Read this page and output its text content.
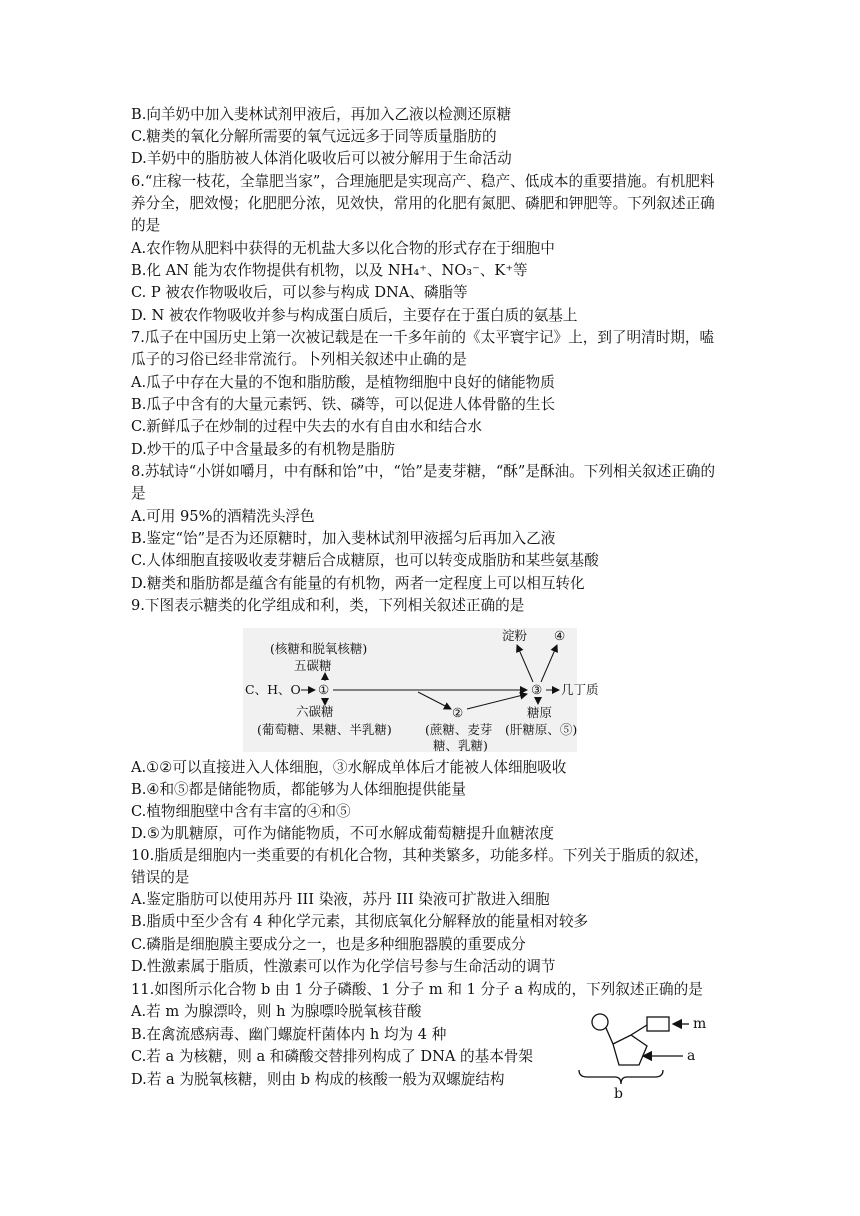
B.向羊奶中加入斐林试剂甲液后，再加入乙液以检测还原糖
C.糖类的氧化分解所需要的氧气远远多于同等质量脂肪的
D.羊奶中的脂肪被人体消化吸收后可以被分解用于生命活动
6.“庄稼一枝花，全靠肥当家”，合理施肥是实现高产、稳产、低成本的重要措施。有机肥料
养分全，肥效慢；化肥肥分浓，见效快，常用的化肥有氮肥、磷肥和钾肥等。下列叙述正确
的是
A.农作物从肥料中获得的无机盐大多以化合物的形式存在于细胞中
B.化 AN 能为农作物提供有机物，以及 NH₄⁺、NO₃⁻、K⁺等
C. P 被农作物吸收后，可以参与构成 DNA、磷脂等
D. N 被农作物吸收并参与构成蛋白质后，主要存在于蛋白质的氨基上
7.瓜子在中国历史上第一次被记载是在一千多年前的《太平寰宇记》上，到了明清时期，嗑
瓜子的习俗已经非常流行。卜列相关叙述中止确的是
A.瓜子中存在大量的不饱和脂肪酸，是植物细胞中良好的储能物质
B.瓜子中含有的大量元素钙、铁、磷等，可以促进人体骨骼的生长
C.新鲜瓜子在炒制的过程中失去的水有自由水和结合水
D.炒干的瓜子中含量最多的有机物是脂肪
8.苏轼诗“小饼如嚼月，中有酥和饴”中，“饴”是麦芽糖，“酥”是酥油。下列相关叙述正确的
是
A.可用 95%的酒精洗头浮色
B.鉴定“饴”是否为还原糖时，加入斐林试剂甲液摇匀后再加入乙液
C.人体细胞直接吸收麦芽糖后合成糖原，也可以转变成脂肪和某些氨基酸
D.糖类和脂肪都是蕴含有能量的有机物，两者一定程度上可以相互转化
9.下图表示糖类的化学组成和利，类，下列相关叙述正确的是
A.①②可以直接进入人体细胞，③水解成单体后才能被人体细胞吸收
B.④和⑤都是储能物质，都能够为人体细胞提供能量
C.植物细胞壁中含有丰富的④和⑤
D.⑤为肌糖原，可作为储能物质，不可水解成葡萄糖提升血糖浓度
10.脂质是细胞内一类重要的有机化合物，其种类繁多，功能多样。下列关于脂质的叙述，
错误的是
A.鉴定脂肪可以使用苏丹 III 染液，苏丹 III 染液可扩散进入细胞
B.脂质中至少含有 4 种化学元素，其彻底氧化分解释放的能量相对较多
C.磷脂是细胞膜主要成分之一，也是多种细胞器膜的重要成分
D.性激素属于脂质，性激素可以作为化学信号参与生命活动的调节
11.如图所示化合物 b 由 1 分子磷酸、1 分子 m 和 1 分子 a 构成的，下列叙述正确的是
A.若 m 为腺漂呤，则 h 为腺嘌呤脱氧核苷酸
B.在禽流感病毒、幽门螺旋杆菌体内 h 均为 4 种
C.若 a 为核糖，则 a 和磷酸交替排列构成了 DNA 的基本骨架
D.若 a 为脱氧核糖，则由 b 构成的核酸一般为双螺旋结构
(核糖和脱氧核糖)
五碳糖
C、H、O ①
六碳糖
(葡萄糖、果糖、半乳糖)
②
(蔗糖、麦芽
糖、乳糖)
③
淀粉 ④
糖原
(肝糖原、⑤)
几丁质
m
a
b
